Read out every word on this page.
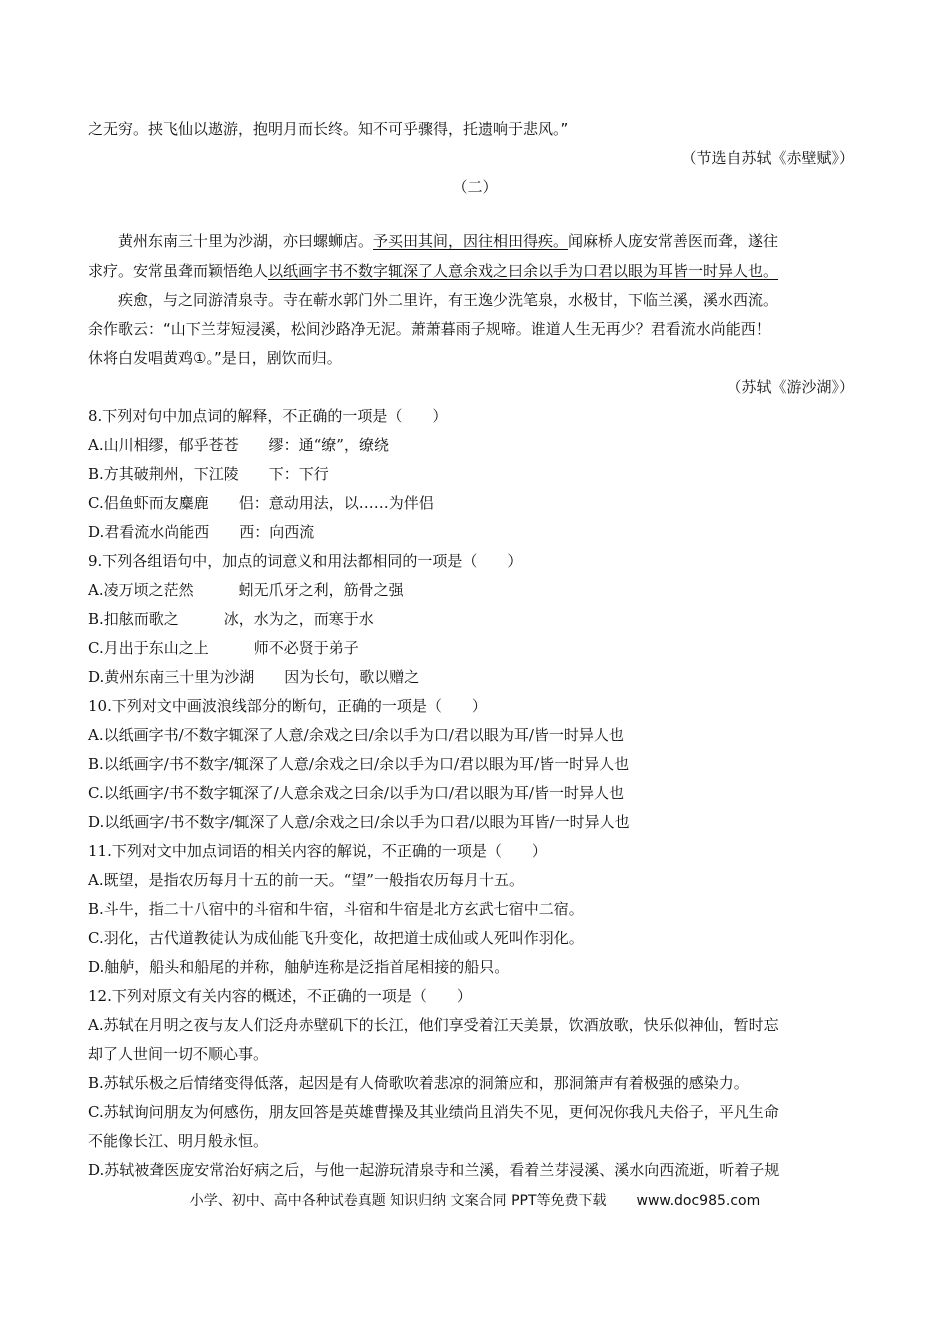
之无穷。挟飞仙以遨游，抱明月而长终。知不可乎骤得，托遗响于悲风。”
（节选自苏轼《赤壁赋》）
（二）
黄州东南三十里为沙湖，亦曰螺蛳店。予买田其间，因往相田得疾。闻麻桥人庞安常善医而聋，遂往
求疗。安常虽聋而颖悟绝人以纸画字书不数字辄深了人意余戏之曰余以手为口君以眼为耳皆一时异人也。
疾愈，与之同游清泉寺。寺在蕲水郭门外二里许，有王逸少洗笔泉，水极甘，下临兰溪，溪水西流。
余作歌云：“山下兰芽短浸溪，松间沙路净无泥。萧萧暮雨子规啼。谁道人生无再少？君看流水尚能西！
休将白发唱黄鸡①。”是日，剧饮而归。
（苏轼《游沙湖》）
8.下列对句中加点词的解释，不正确的一项是（　　）
A.山川相缪，郁乎苍苍　　缪：通“缭”，缭绕
B.方其破荆州，下江陵　　下：下行
C.侣鱼虾而友麋鹿　　侣：意动用法，以……为伴侣
D.君看流水尚能西　　西：向西流
9.下列各组语句中，加点的词意义和用法都相同的一项是（　　）
A.凌万顷之茫然　　　蚓无爪牙之利，筋骨之强
B.扣舷而歌之　　　冰，水为之，而寒于水
C.月出于东山之上　　　师不必贤于弟子
D.黄州东南三十里为沙湖　　因为长句，歌以赠之
10.下列对文中画波浪线部分的断句，正确的一项是（　　）
A.以纸画字书/不数字辄深了人意/余戏之曰/余以手为口/君以眼为耳/皆一时异人也
B.以纸画字/书不数字/辄深了人意/余戏之曰/余以手为口/君以眼为耳/皆一时异人也
C.以纸画字/书不数字辄深了/人意余戏之曰余/以手为口/君以眼为耳/皆一时异人也
D.以纸画字/书不数字/辄深了人意/余戏之曰/余以手为口君/以眼为耳皆/一时异人也
11.下列对文中加点词语的相关内容的解说，不正确的一项是（　　）
A.既望，是指农历每月十五的前一天。“望”一般指农历每月十五。
B.斗牛，指二十八宿中的斗宿和牛宿，斗宿和牛宿是北方玄武七宿中二宿。
C.羽化，古代道教徒认为成仙能飞升变化，故把道士成仙或人死叫作羽化。
D.舳舻，船头和船尾的并称，舳舻连称是泛指首尾相接的船只。
12.下列对原文有关内容的概述，不正确的一项是（　　）
A.苏轼在月明之夜与友人们泛舟赤壁矶下的长江，他们享受着江天美景，饮酒放歌，快乐似神仙，暂时忘
却了人世间一切不顺心事。
B.苏轼乐极之后情绪变得低落，起因是有人倚歌吹着悲凉的洞箫应和，那洞箫声有着极强的感染力。
C.苏轼询问朋友为何感伤，朋友回答是英雄曹操及其业绩尚且消失不见，更何况你我凡夫俗子，平凡生命
不能像长江、明月般永恒。
D.苏轼被聋医庞安常治好病之后，与他一起游玩清泉寺和兰溪，看着兰芽浸溪、溪水向西流逝，听着子规
小学、初中、高中各种试卷真题 知识归纳 文案合同 PPT等免费下载 www.doc985.com
